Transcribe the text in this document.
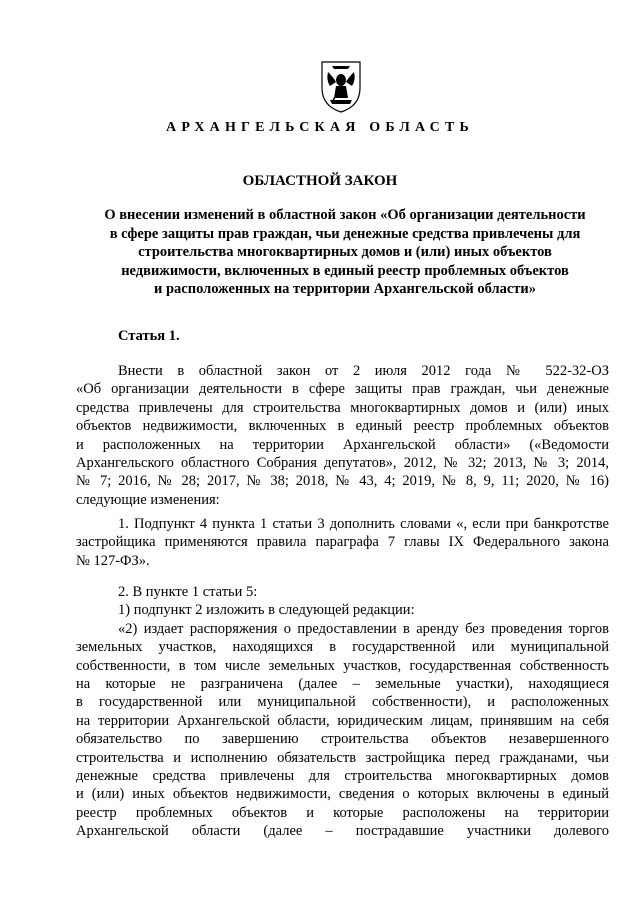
АРХАНГЕЛЬСКАЯ ОБЛАСТЬ
ОБЛАСТНОЙ ЗАКОН
О внесении изменений в областной закон «Об организации деятельности
в сфере защиты прав граждан, чьи денежные средства привлечены для
строительства многоквартирных домов и (или) иных объектов
недвижимости, включенных в единый реестр проблемных объектов
и расположенных на территории Архангельской области»
Статья 1.
Внести в областной закон от 2 июля 2012 года № 522-32-ОЗ
«Об организации деятельности в сфере защиты прав граждан, чьи денежные
средства привлечены для строительства многоквартирных домов и (или) иных
объектов недвижимости, включенных в единый реестр проблемных объектов
и расположенных на территории Архангельской области» («Ведомости
Архангельского областного Собрания депутатов», 2012, № 32; 2013, № 3; 2014,
№ 7; 2016, № 28; 2017, № 38; 2018, № 43, 4; 2019, № 8, 9, 11; 2020, № 16)
следующие изменения:
1. Подпункт 4 пункта 1 статьи 3 дополнить словами «, если при банкротстве
застройщика применяются правила параграфа 7 главы IX Федерального закона
№ 127-ФЗ».
2. В пункте 1 статьи 5:
1) подпункт 2 изложить в следующей редакции:
«2) издает распоряжения о предоставлении в аренду без проведения торгов
земельных участков, находящихся в государственной или муниципальной
собственности, в том числе земельных участков, государственная собственность
на которые не разграничена (далее – земельные участки), находящиеся
в государственной или муниципальной собственности), и расположенных
на территории Архангельской области, юридическим лицам, принявшим на себя
обязательство по завершению строительства объектов незавершенного
строительства и исполнению обязательств застройщика перед гражданами, чьи
денежные средства привлечены для строительства многоквартирных домов
и (или) иных объектов недвижимости, сведения о которых включены в единый
реестр проблемных объектов и которые расположены на территории
Архангельской области (далее – пострадавшие участники долевого
